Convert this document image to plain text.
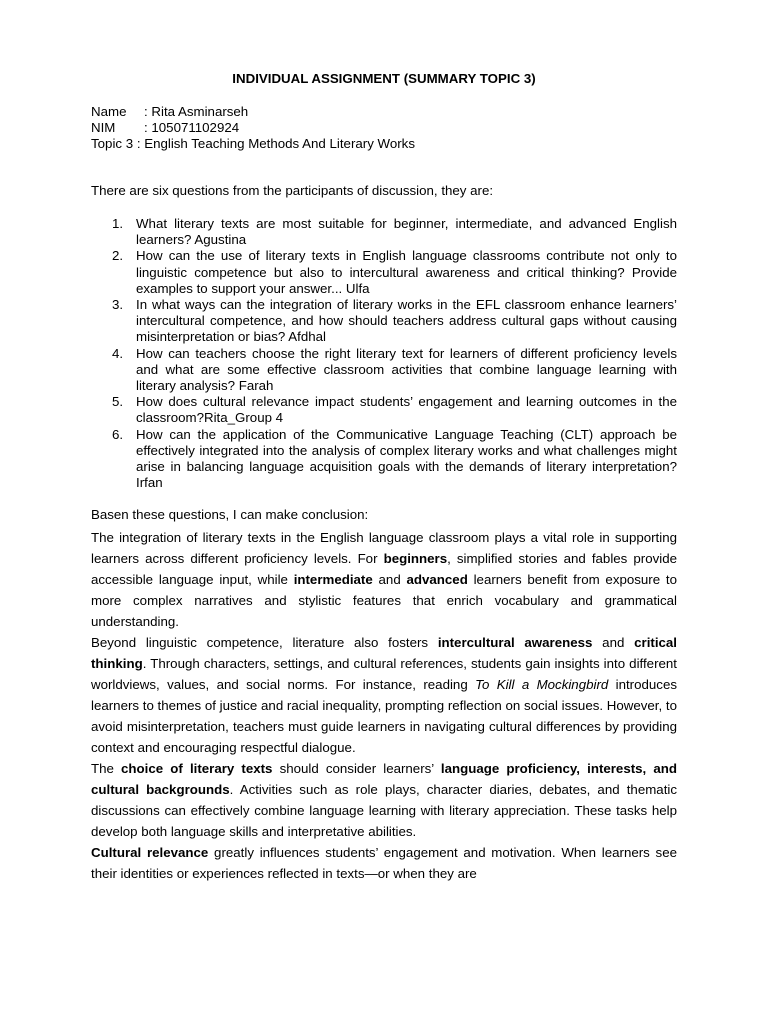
INDIVIDUAL ASSIGNMENT (SUMMARY TOPIC 3)
Name : Rita Asminarseh
NIM : 105071102924
Topic 3 : English Teaching Methods And Literary Works
There are six questions from the participants of discussion, they are:
1. What literary texts are most suitable for beginner, intermediate, and advanced English learners? Agustina
2. How can the use of literary texts in English language classrooms contribute not only to linguistic competence but also to intercultural awareness and critical thinking? Provide examples to support your answer... Ulfa
3. In what ways can the integration of literary works in the EFL classroom enhance learners’ intercultural competence, and how should teachers address cultural gaps without causing misinterpretation or bias? Afdhal
4. How can teachers choose the right literary text for learners of different proficiency levels and what are some effective classroom activities that combine language learning with literary analysis? Farah
5. How does cultural relevance impact students’ engagement and learning outcomes in the classroom?Rita_Group 4
6. How can the application of the Communicative Language Teaching (CLT) approach be effectively integrated into the analysis of complex literary works and what challenges might arise in balancing language acquisition goals with the demands of literary interpretation? Irfan
Basen these questions, I can make conclusion:

The integration of literary texts in the English language classroom plays a vital role in supporting learners across different proficiency levels. For beginners, simplified stories and fables provide accessible language input, while intermediate and advanced learners benefit from exposure to more complex narratives and stylistic features that enrich vocabulary and grammatical understanding.

Beyond linguistic competence, literature also fosters intercultural awareness and critical thinking. Through characters, settings, and cultural references, students gain insights into different worldviews, values, and social norms. For instance, reading To Kill a Mockingbird introduces learners to themes of justice and racial inequality, prompting reflection on social issues. However, to avoid misinterpretation, teachers must guide learners in navigating cultural differences by providing context and encouraging respectful dialogue.

The choice of literary texts should consider learners’ language proficiency, interests, and cultural backgrounds. Activities such as role plays, character diaries, debates, and thematic discussions can effectively combine language learning with literary appreciation. These tasks help develop both language skills and interpretative abilities.

Cultural relevance greatly influences students’ engagement and motivation. When learners see their identities or experiences reflected in texts—or when they are
